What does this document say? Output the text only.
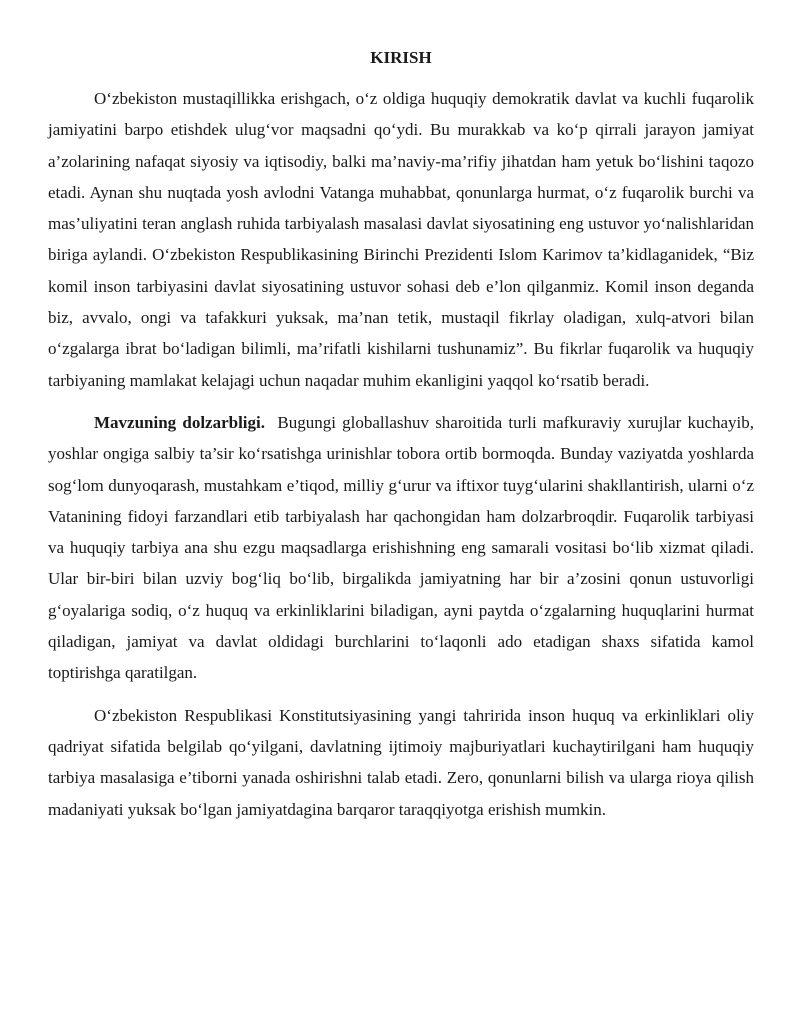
KIRISH

O‘zbekiston mustaqillikka erishgach, o‘z oldiga huquqiy demokratik davlat va kuchli fuqarolik jamiyatini barpo etishdek ulug‘vor maqsadni qo‘ydi. Bu murakkab va ko‘p qirrali jarayon jamiyat a’zolarining nafaqat siyosiy va iqtisodiy, balki ma’naviy-ma’rifiy jihatdan ham yetuk bo‘lishini taqozo etadi. Aynan shu nuqtada yosh avlodni Vatanga muhabbat, qonunlarga hurmat, o‘z fuqarolik burchi va mas’uliyatini teran anglash ruhida tarbiyalash masalasi davlat siyosatining eng ustuvor yo‘nalishlaridan biriga aylandi. O‘zbekiston Respublikasining Birinchi Prezidenti Islom Karimov ta’kidlaganidek, “Biz komil inson tarbiyasini davlat siyosatining ustuvor sohasi deb e’lon qilganmiz. Komil inson deganda biz, avvalo, ongi va tafakkuri yuksak, ma’nan tetik, mustaqil fikrlay oladigan, xulq-atvori bilan o‘zgalarga ibrat bo‘ladigan bilimli, ma’rifatli kishilarni tushunamiz”. Bu fikrlar fuqarolik va huquqiy tarbiyaning mamlakat kelajagi uchun naqadar muhim ekanligini yaqqol ko‘rsatib beradi.

Mavzuning dolzarbligi. Bugungi globallashuv sharoitida turli mafkuraviy xurujlar kuchayib, yoshlar ongiga salbiy ta’sir ko‘rsatishga urinishlar tobora ortib bormoqda. Bunday vaziyatda yoshlarda sog‘lom dunyoqarash, mustahkam e’tiqod, milliy g‘urur va iftixor tuyg‘ularini shakllantirish, ularni o‘z Vatanining fidoyi farzandlari etib tarbiyalash har qachongidan ham dolzarbroqdir. Fuqarolik tarbiyasi va huquqiy tarbiya ana shu ezgu maqsadlarga erishishning eng samarali vositasi bo‘lib xizmat qiladi. Ular bir-biri bilan uzviy bog‘liq bo‘lib, birgalikda jamiyatning har bir a’zosini qonun ustuvorligi g‘oyalariga sodiq, o‘z huquq va erkinliklarini biladigan, ayni paytda o‘zgalarning huquqlarini hurmat qiladigan, jamiyat va davlat oldidagi burchlarini to‘laqonli ado etadigan shaxs sifatida kamol toptirishga qaratilgan.

O‘zbekiston Respublikasi Konstitutsiyasining yangi tahririda inson huquq va erkinliklari oliy qadriyat sifatida belgilab qo‘yilgani, davlatning ijtimoiy majburiyatlari kuchaytirilgani ham huquqiy tarbiya masalasiga e’tiborni yanada oshirishni talab etadi. Zero, qonunlarni bilish va ularga rioya qilish madaniyati yuksak bo‘lgan jamiyatdagina barqaror taraqqiyotga erishish mumkin.
